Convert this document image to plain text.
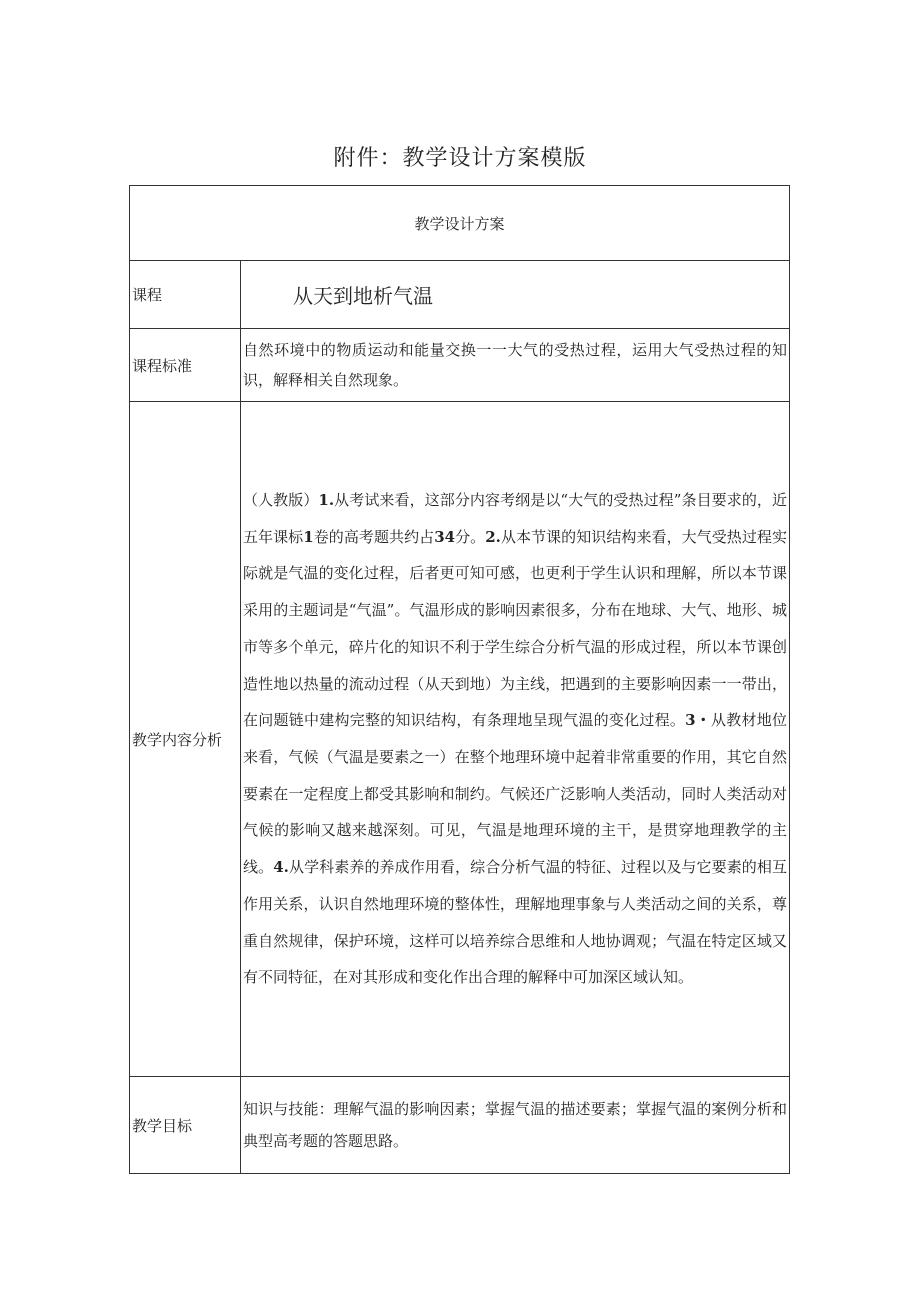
附件：教学设计方案模版
教学设计方案	
课程	从天到地析气温
课程标准	自然环境中的物质运动和能量交换一一大气的受热过程，运用大气受热过程的知识，解释相关自然现象。
教学内容分析	（人教版）1.从考试来看，这部分内容考纲是以“大气的受热过程”条目要求的，近五年课标1卷的高考题共约占34分。2.从本节课的知识结构来看，大气受热过程实际就是气温的变化过程，后者更可知可感，也更利于学生认识和理解，所以本节课采用的主题词是“气温”。气温形成的影响因素很多，分布在地球、大气、地形、城市等多个单元，碎片化的知识不利于学生综合分析气温的形成过程，所以本节课创造性地以热量的流动过程（从天到地）为主线，把遇到的主要影响因素一一带出，在问题链中建构完整的知识结构，有条理地呈现气温的变化过程。3・从教材地位来看，气候（气温是要素之一）在整个地理环境中起着非常重要的作用，其它自然要素在一定程度上都受其影响和制约。气候还广泛影响人类活动，同时人类活动对气候的影响又越来越深刻。可见，气温是地理环境的主干，是贯穿地理教学的主线。4.从学科素养的养成作用看，综合分析气温的特征、过程以及与它要素的相互作用关系，认识自然地理环境的整体性，理解地理事象与人类活动之间的关系，尊重自然规律，保护环境，这样可以培养综合思维和人地协调观；气温在特定区域又有不同特征，在对其形成和变化作出合理的解释中可加深区域认知。
教学目标	知识与技能：理解气温的影响因素；掌握气温的描述要素；掌握气温的案例分析和典型高考题的答题思路。
